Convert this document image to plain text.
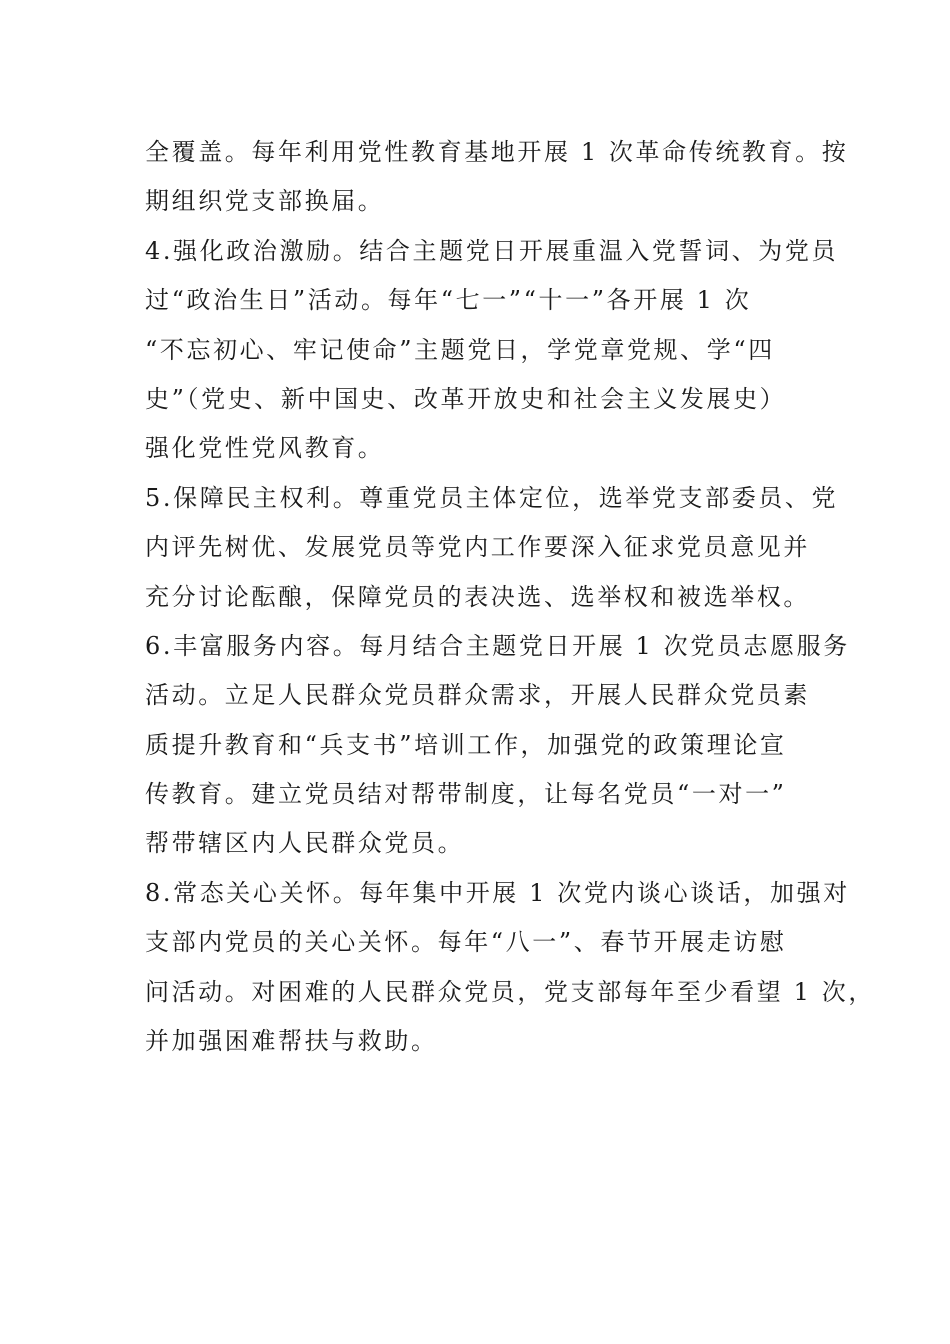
全覆盖。每年利用党性教育基地开展 1 次革命传统教育。按
期组织党支部换届。
4.强化政治激励。结合主题党日开展重温入党誓词、为党员
过“政治生日”活动。每年“七一”“十一”各开展 1 次
“不忘初心、牢记使命”主题党日，学党章党规、学“四
史”（党史、新中国史、改革开放史和社会主义发展史）
强化党性党风教育。
5.保障民主权利。尊重党员主体定位，选举党支部委员、党
内评先树优、发展党员等党内工作要深入征求党员意见并
充分讨论酝酿，保障党员的表决选、选举权和被选举权。
6.丰富服务内容。每月结合主题党日开展 1 次党员志愿服务
活动。立足人民群众党员群众需求，开展人民群众党员素
质提升教育和“兵支书”培训工作，加强党的政策理论宣
传教育。建立党员结对帮带制度，让每名党员“一对一”
帮带辖区内人民群众党员。
8.常态关心关怀。每年集中开展 1 次党内谈心谈话，加强对
支部内党员的关心关怀。每年“八一”、春节开展走访慰
问活动。对困难的人民群众党员，党支部每年至少看望 1 次，
并加强困难帮扶与救助。
